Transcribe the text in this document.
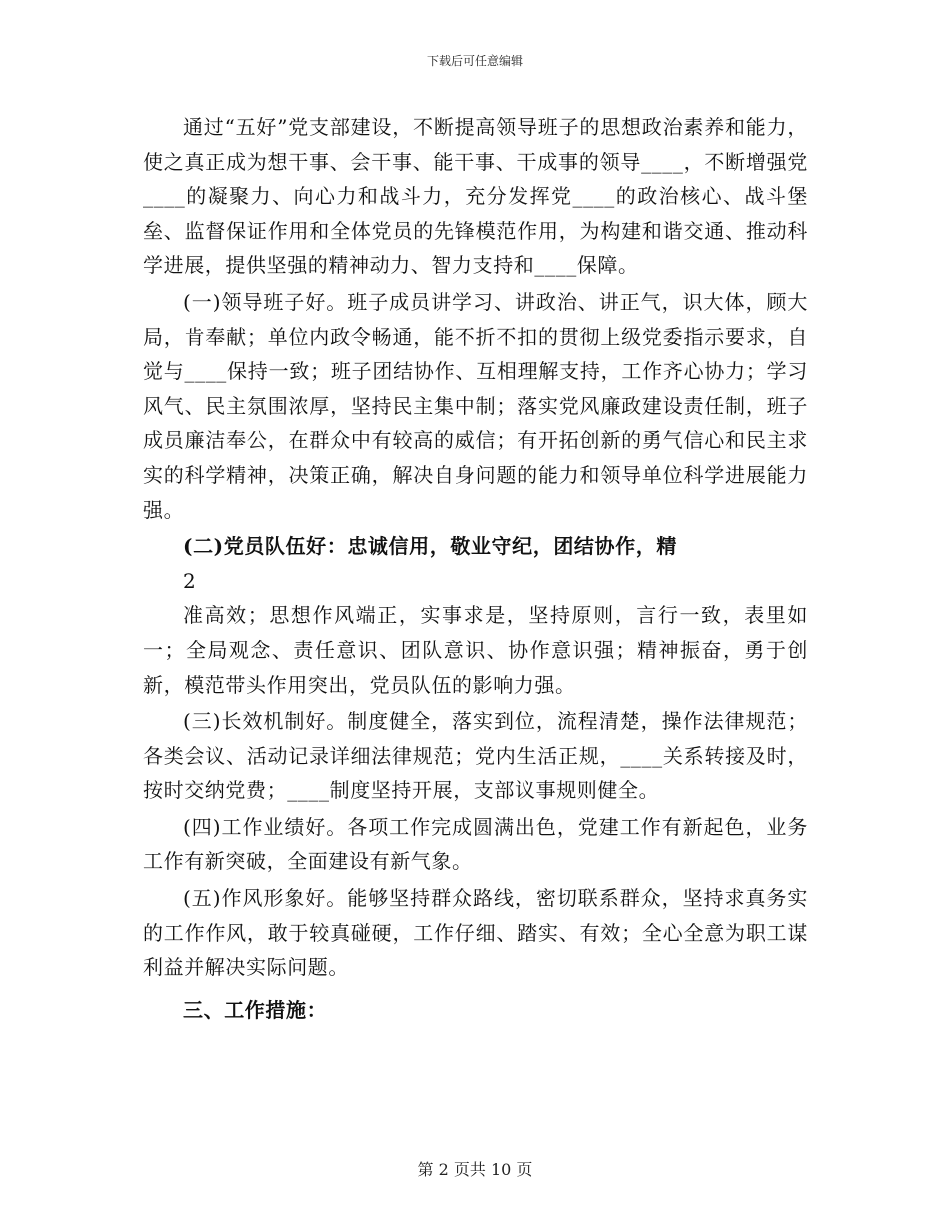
下载后可任意编辑

通过“五好”党支部建设，不断提高领导班子的思想政治素养和能力，使之真正成为想干事、会干事、能干事、干成事的领导____，不断增强党____的凝聚力、向心力和战斗力，充分发挥党____的政治核心、战斗堡垒、监督保证作用和全体党员的先锋模范作用，为构建和谐交通、推动科学进展，提供坚强的精神动力、智力支持和____保障。

(一)领导班子好。班子成员讲学习、讲政治、讲正气，识大体，顾大局，肯奉献；单位内政令畅通，能不折不扣的贯彻上级党委指示要求，自觉与____保持一致；班子团结协作、互相理解支持，工作齐心协力；学习风气、民主氛围浓厚，坚持民主集中制；落实党风廉政建设责任制，班子成员廉洁奉公，在群众中有较高的威信；有开拓创新的勇气信心和民主求实的科学精神，决策正确，解决自身问题的能力和领导单位科学进展能力强。

(二)党员队伍好：忠诚信用，敬业守纪，团结协作，精

2

准高效；思想作风端正，实事求是，坚持原则，言行一致，表里如一；全局观念、责任意识、团队意识、协作意识强；精神振奋，勇于创新，模范带头作用突出，党员队伍的影响力强。

(三)长效机制好。制度健全，落实到位，流程清楚，操作法律规范；各类会议、活动记录详细法律规范；党内生活正规，____关系转接及时，按时交纳党费；____制度坚持开展，支部议事规则健全。

(四)工作业绩好。各项工作完成圆满出色，党建工作有新起色，业务工作有新突破，全面建设有新气象。

(五)作风形象好。能够坚持群众路线，密切联系群众，坚持求真务实的工作作风，敢于较真碰硬，工作仔细、踏实、有效；全心全意为职工谋利益并解决实际问题。

三、工作措施：

第 2 页共 10 页
